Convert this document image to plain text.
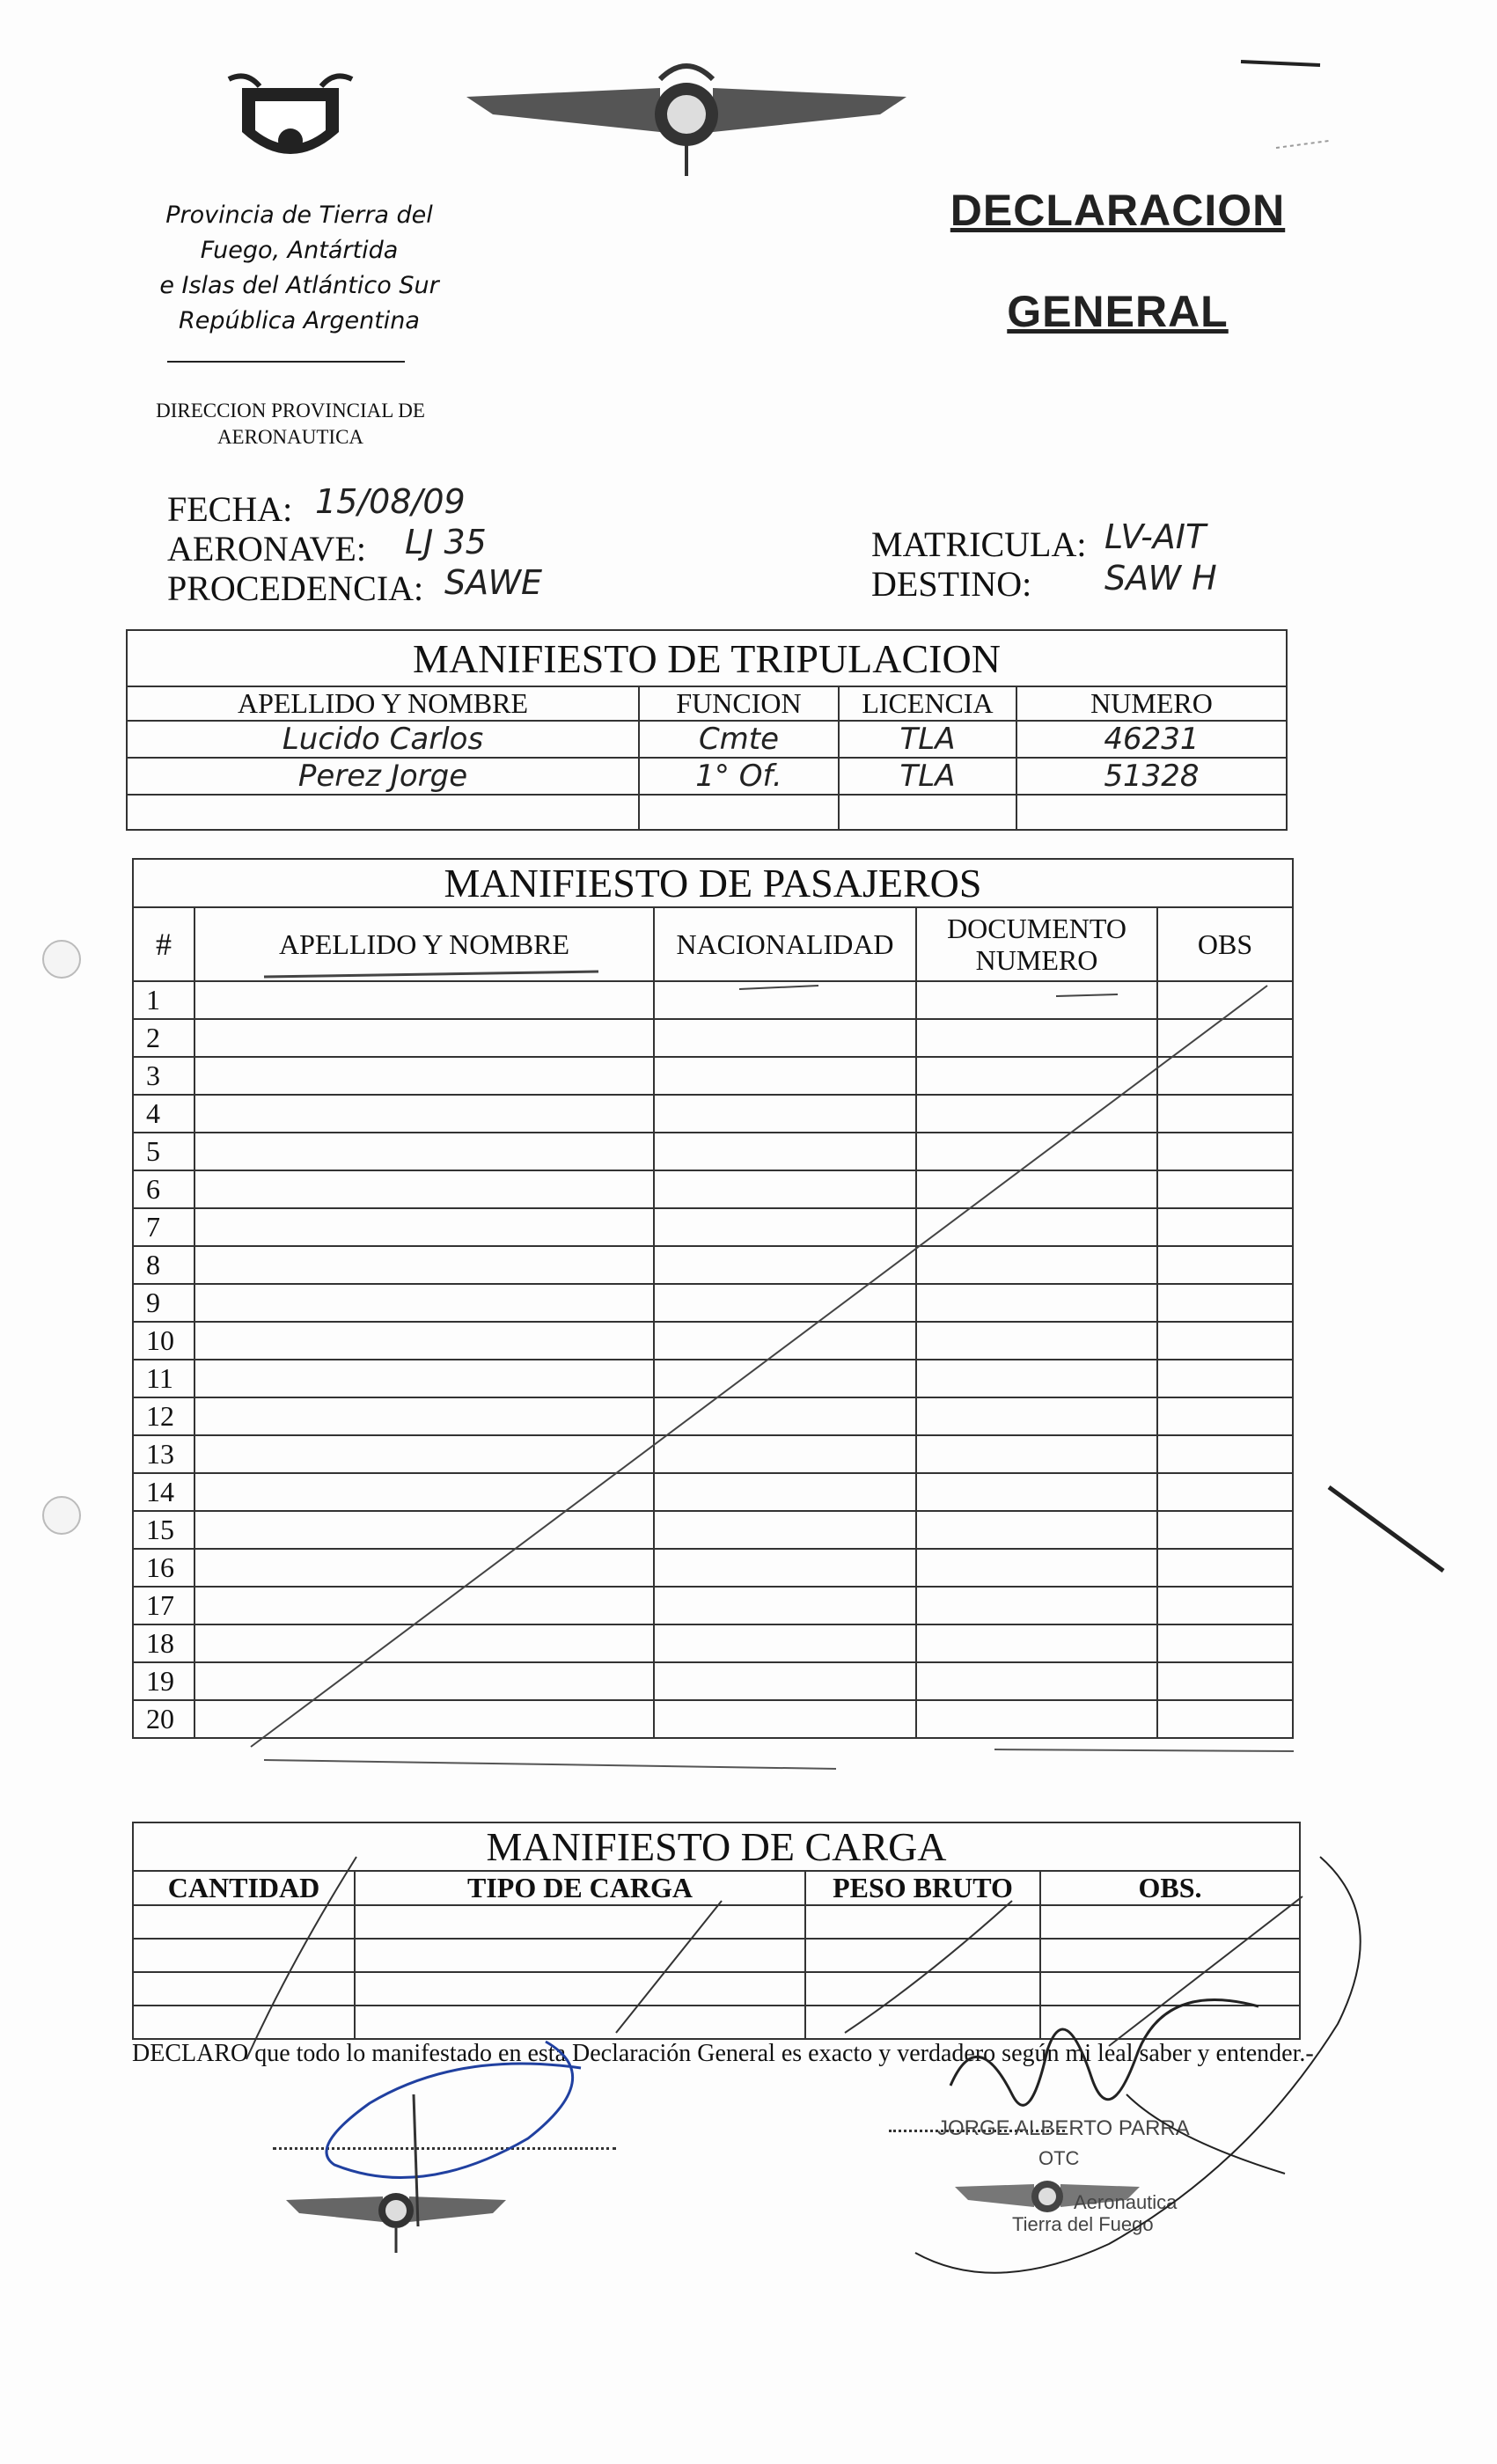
Provincia de Tierra del
Fuego, Antártida
e Islas del Atlántico Sur
República Argentina
DIRECCION PROVINCIAL DE
AERONAUTICA
DECLARACION
GENERAL
FECHA: 15/08/09
AERONAVE: LJ 35
PROCEDENCIA: SAWE
MATRICULA: LV-AIT
DESTINO: SAW H
MANIFIESTO DE TRIPULACION			
APELLIDO Y NOMBRE	FUNCION	LICENCIA	NUMERO
Lucido Carlos	Cmte	TLA	46231
Perez Jorge	1° Of.	TLA	51328

MANIFIESTO DE PASAJEROS				
#	APELLIDO Y NOMBRE	NACIONALIDAD	DOCUMENTO NUMERO	OBS
1				
2				
3				
4				
5				
6				
7				
8				
9				
10				
11				
12				
13				
14				
15				
16				
17				
18				
19				
20				
MANIFIESTO DE CARGA			
CANTIDAD	TIPO DE CARGA	PESO BRUTO	OBS.

DECLARO que todo lo manifestado en esta Declaración General es exacto y verdadero según mi leal saber y entender.-
JORGE ALBERTO PARRA
OTC
Aeronautica
Tierra del Fuego
